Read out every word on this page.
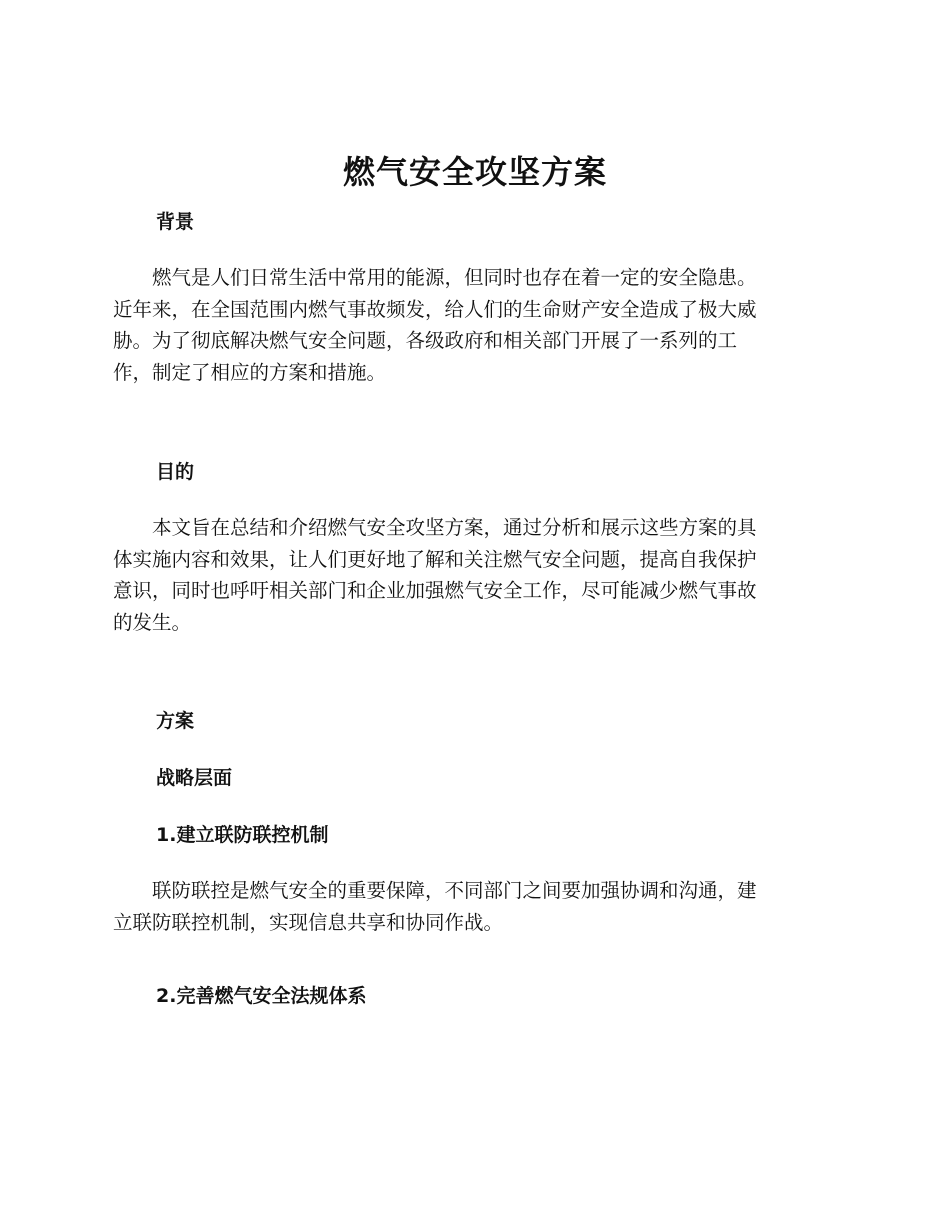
燃气安全攻坚方案
背景
　　燃气是人们日常生活中常用的能源，但同时也存在着一定的安全隐患。
近年来，在全国范围内燃气事故频发，给人们的生命财产安全造成了极大威
胁。为了彻底解决燃气安全问题，各级政府和相关部门开展了一系列的工
作，制定了相应的方案和措施。
目的
　　本文旨在总结和介绍燃气安全攻坚方案，通过分析和展示这些方案的具
体实施内容和效果，让人们更好地了解和关注燃气安全问题，提高自我保护
意识，同时也呼吁相关部门和企业加强燃气安全工作，尽可能减少燃气事故
的发生。
方案
战略层面
1.建立联防联控机制
　　联防联控是燃气安全的重要保障，不同部门之间要加强协调和沟通，建
立联防联控机制，实现信息共享和协同作战。
2.完善燃气安全法规体系
